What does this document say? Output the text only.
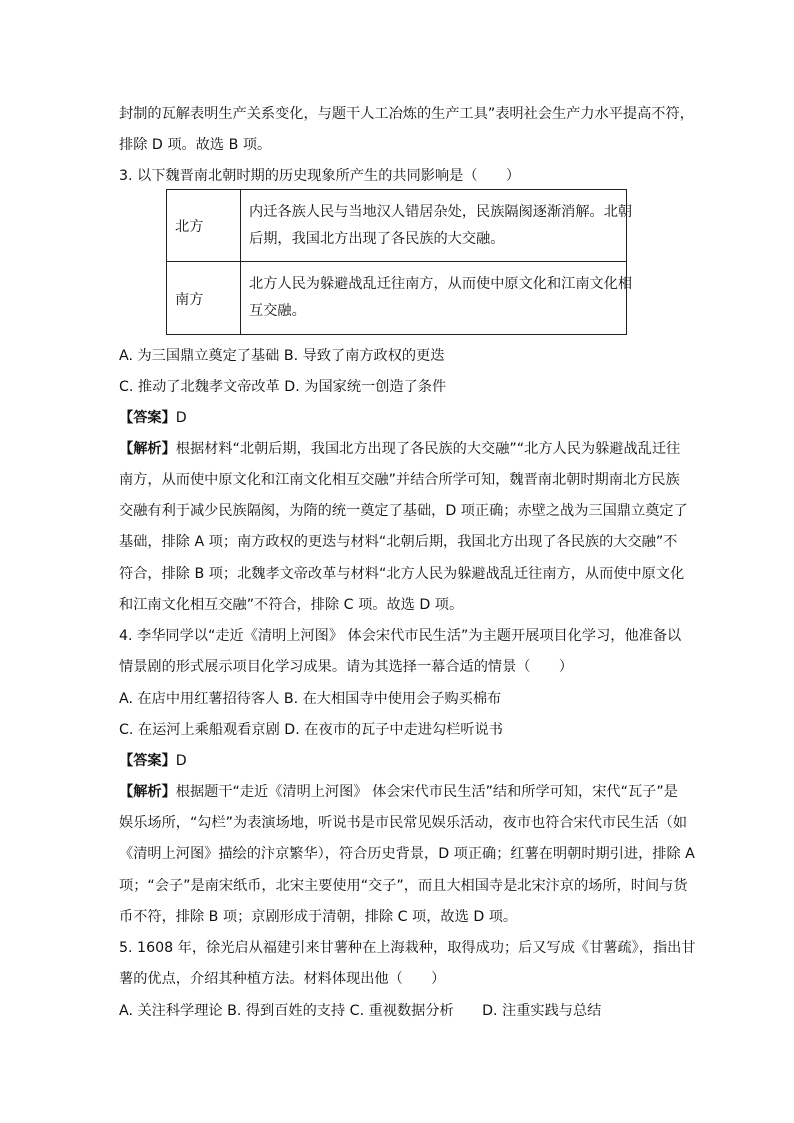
封制的瓦解表明生产关系变化，与题干人工冶炼的生产工具”表明社会生产力水平提高不符，
排除 D 项。故选 B 项。
3. 以下魏晋南北朝时期的历史现象所产生的共同影响是（　　）
北方
内迁各族人民与当地汉人错居杂处，民族隔阂逐渐消解。北朝
后期，我国北方出现了各民族的大交融。
南方
北方人民为躲避战乱迁往南方，从而使中原文化和江南文化相
互交融。
A. 为三国鼎立奠定了基础 B. 导致了南方政权的更迭
C. 推动了北魏孝文帝改革 D. 为国家统一创造了条件
【答案】D
【解析】根据材料“北朝后期，我国北方出现了各民族的大交融”“北方人民为躲避战乱迁往
南方，从而使中原文化和江南文化相互交融”并结合所学可知，魏晋南北朝时期南北方民族
交融有利于减少民族隔阂，为隋的统一奠定了基础，D 项正确；赤壁之战为三国鼎立奠定了
基础，排除 A 项；南方政权的更迭与材料“北朝后期，我国北方出现了各民族的大交融”不
符合，排除 B 项；北魏孝文帝改革与材料“北方人民为躲避战乱迁往南方，从而使中原文化
和江南文化相互交融”不符合，排除 C 项。故选 D 项。
4. 李华同学以“走近《清明上河图》 体会宋代市民生活”为主题开展项目化学习，他准备以
情景剧的形式展示项目化学习成果。请为其选择一幕合适的情景（　　）
A. 在店中用红薯招待客人 B. 在大相国寺中使用会子购买棉布
C. 在运河上乘船观看京剧 D. 在夜市的瓦子中走进勾栏听说书
【答案】D
【解析】根据题干“走近《清明上河图》 体会宋代市民生活”结和所学可知，宋代“瓦子”是
娱乐场所，“勾栏”为表演场地，听说书是市民常见娱乐活动，夜市也符合宋代市民生活（如
《清明上河图》描绘的汴京繁华），符合历史背景，D 项正确；红薯在明朝时期引进，排除 A
项；“会子”是南宋纸币，北宋主要使用“交子”，而且大相国寺是北宋汴京的场所，时间与货
币不符，排除 B 项；京剧形成于清朝，排除 C 项，故选 D 项。
5. 1608 年，徐光启从福建引来甘薯种在上海栽种，取得成功；后又写成《甘薯疏》，指出甘
薯的优点，介绍其种植方法。材料体现出他（　　）
A. 关注科学理论 B. 得到百姓的支持 C. 重视数据分析　　D. 注重实践与总结
